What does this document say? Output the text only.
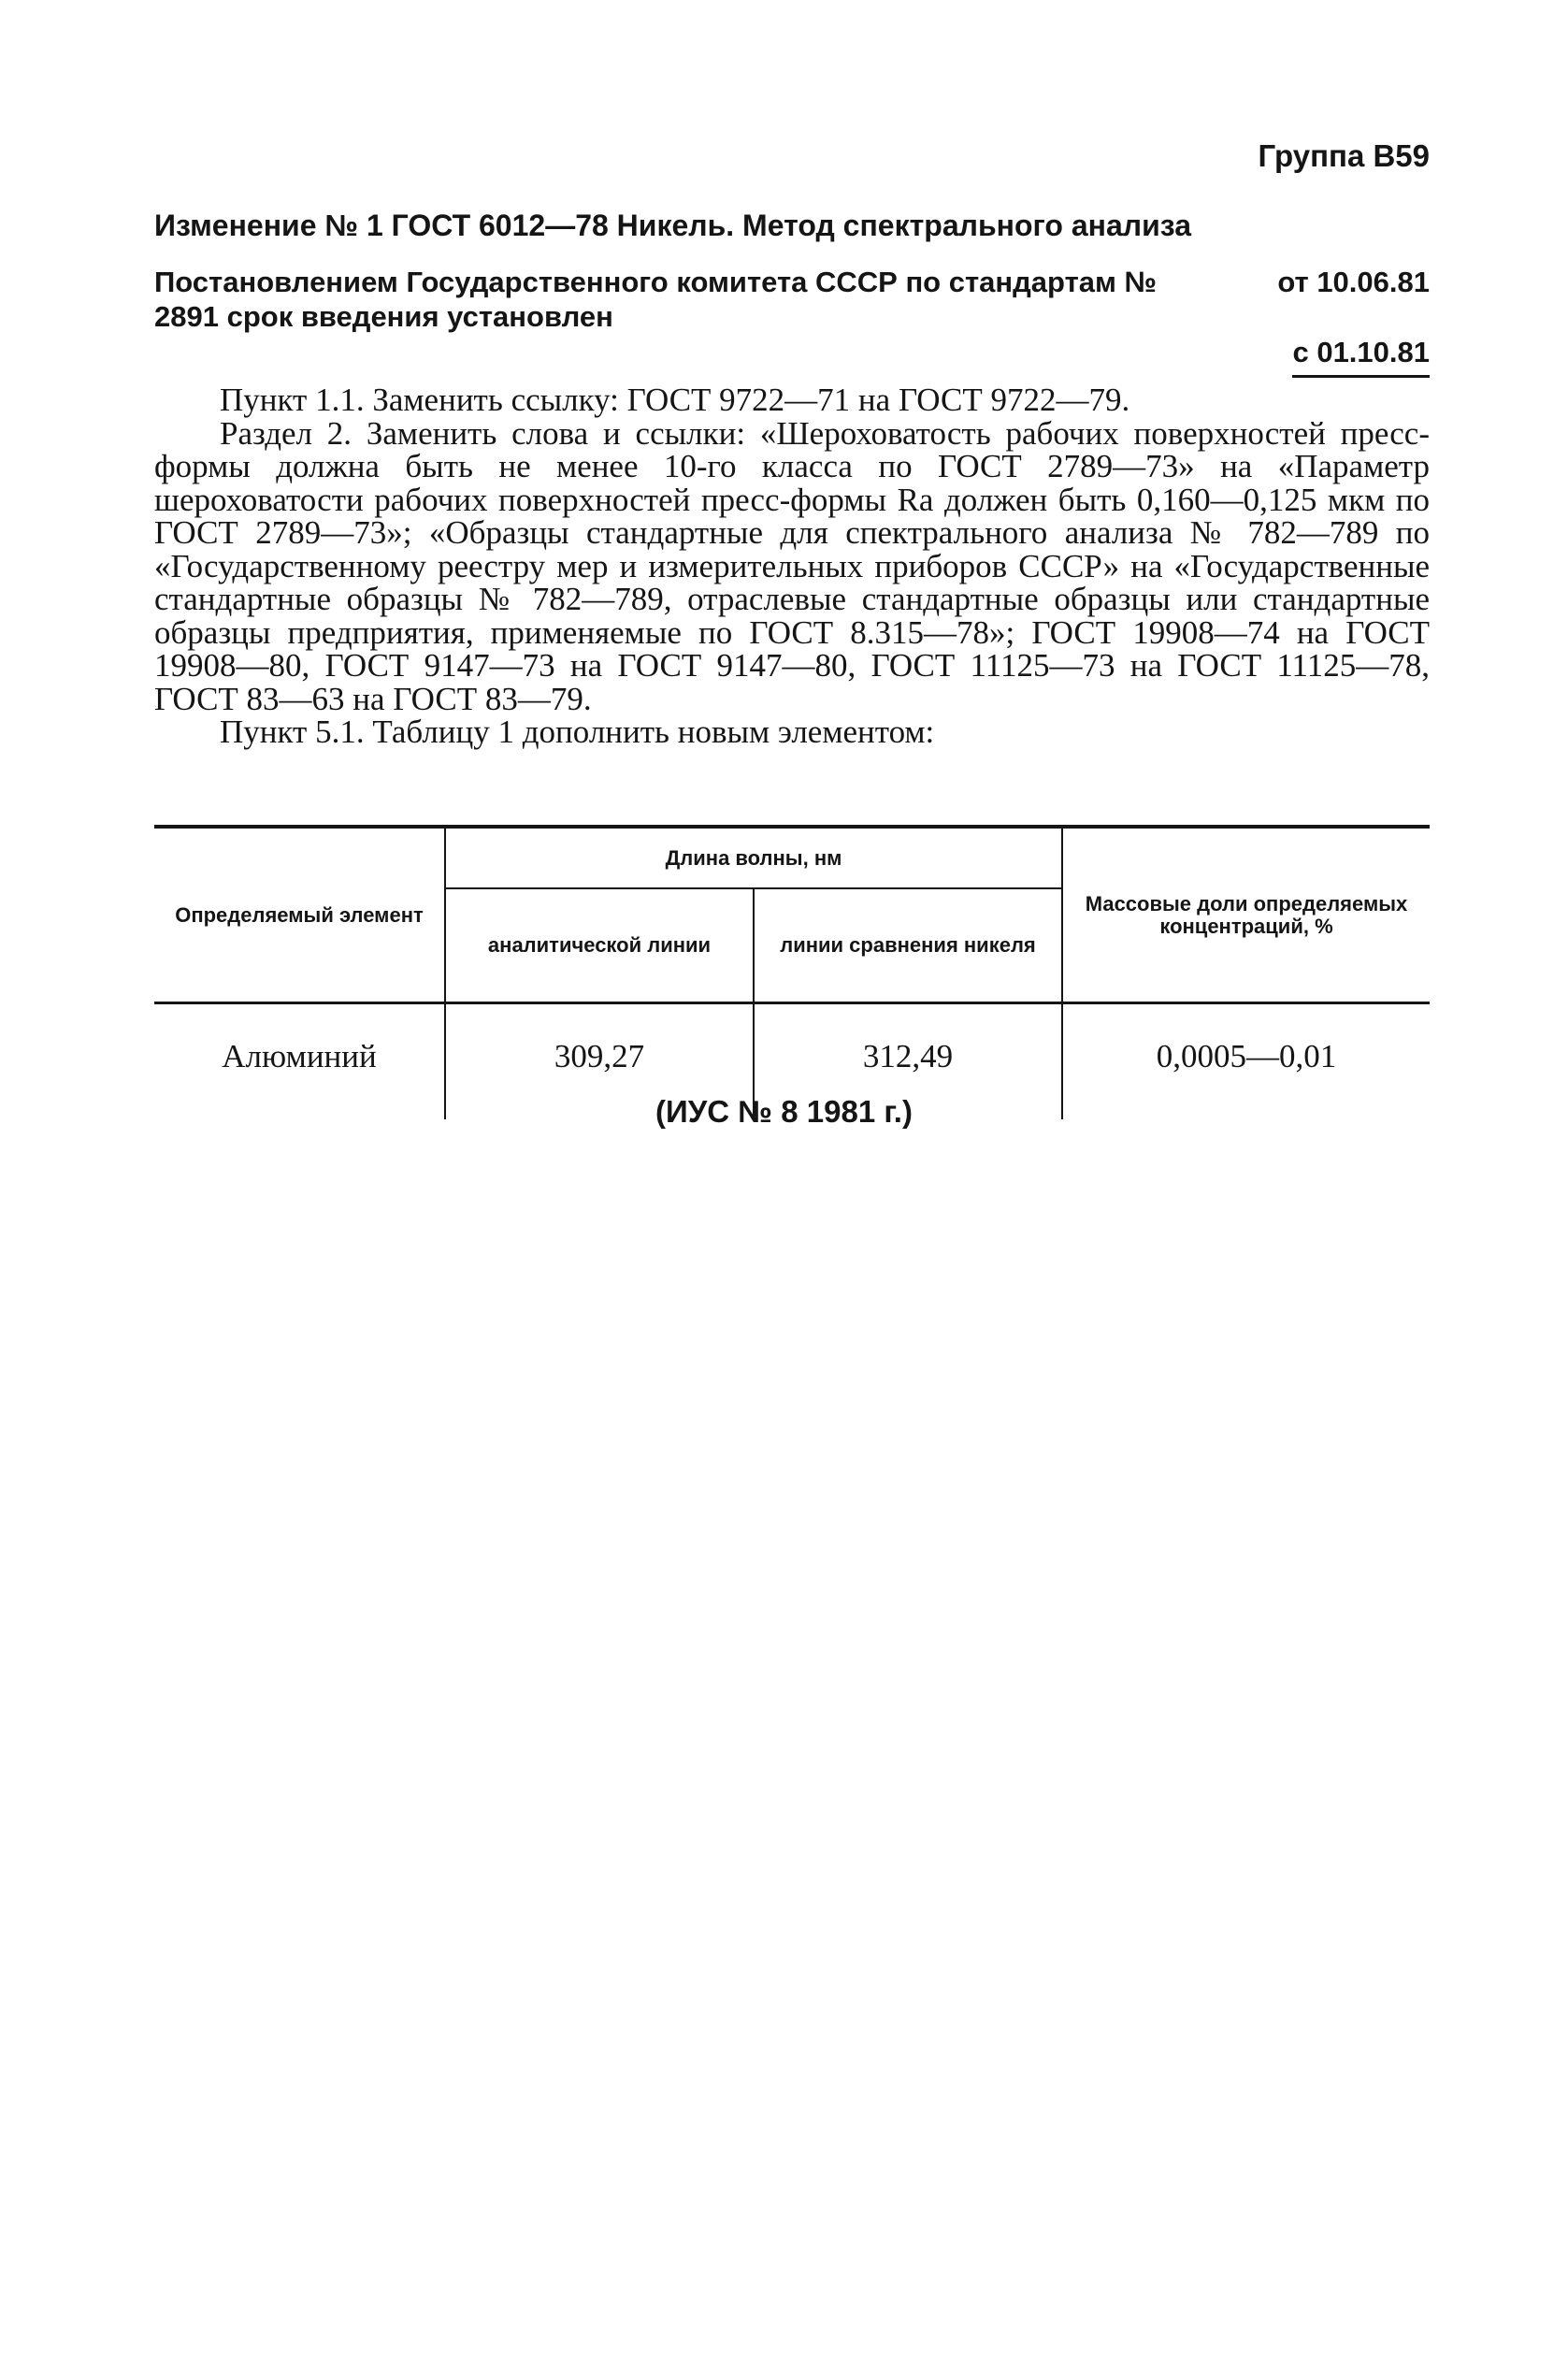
Группа В59
Изменение № 1 ГОСТ 6012—78 Никель. Метод спектрального анализа
Постановлением Государственного комитета СССР по стандартам № 2891 срок введения установлен
от 10.06.81
с 01.10.81

Пункт 1.1. Заменить ссылку: ГОСТ 9722—71 на ГОСТ 9722—79.

Раздел 2. Заменить слова и ссылки: «Шероховатость рабочих поверхностей пресс-формы должна быть не менее 10-го класса по ГОСТ 2789—73» на «Параметр шероховатости рабочих поверхностей пресс-формы Ra должен быть 0,160—0,125 мкм по ГОСТ 2789—73»; «Образцы стандартные для спектрального анализа № 782—789 по «Государственному реестру мер и измерительных приборов СССР» на «Государственные стандартные образцы № 782—789, отраслевые стандартные образцы или стандартные образцы предприятия, применяемые по ГОСТ 8.315—78»; ГОСТ 19908—74 на ГОСТ 19908—80, ГОСТ 9147—73 на ГОСТ 9147—80, ГОСТ 11125—73 на ГОСТ 11125—78, ГОСТ 83—63 на ГОСТ 83—79.

Пункт 5.1. Таблицу 1 дополнить новым элементом:

Определяемый элемент	Длина волны, нм		Массовые доли определяемых концентраций, %
	аналитической линии	линии сравнения никеля	
Алюминий	309,27	312,49	0,0005—0,01
(ИУС № 8 1981 г.)
